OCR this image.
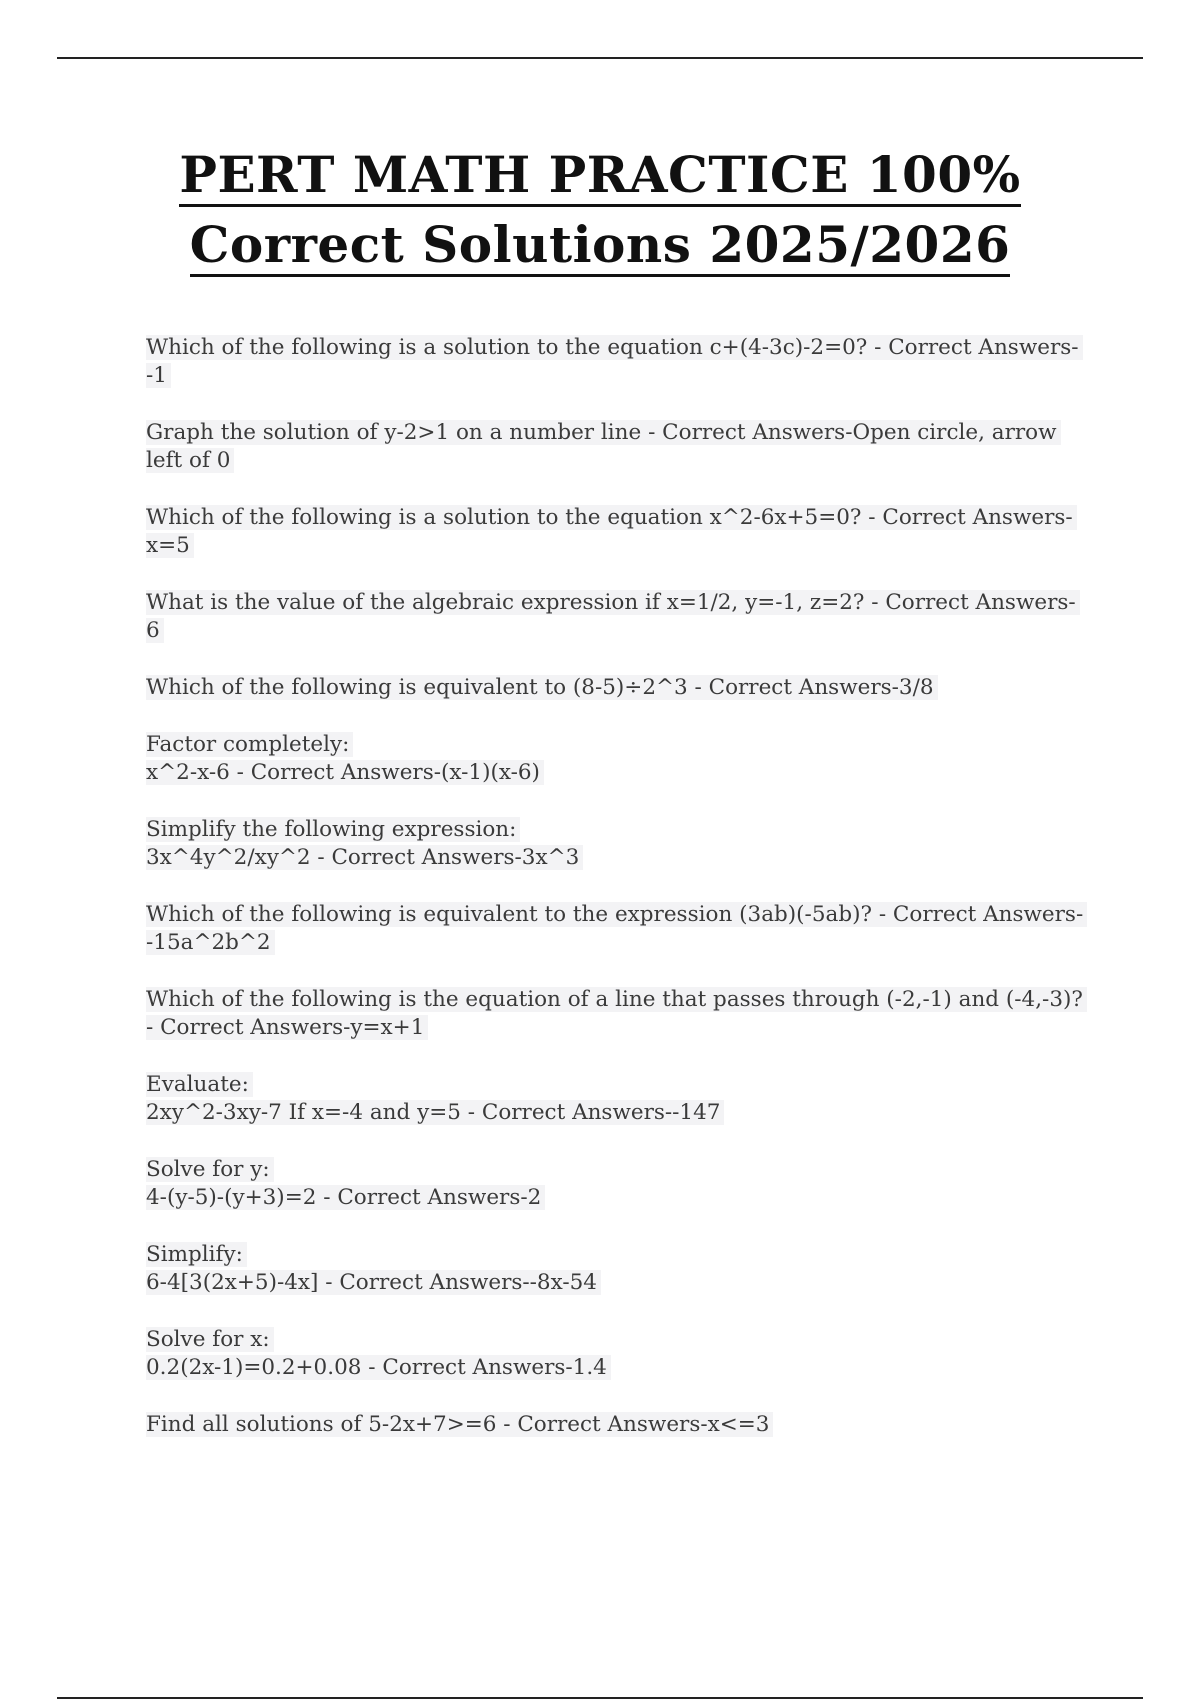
PERT MATH PRACTICE 100%
Correct Solutions 2025/2026

Which of the following is a solution to the equation c+(4-3c)-2=0? - Correct Answers--1

Graph the solution of y-2>1 on a number line - Correct Answers-Open circle, arrow left of 0

Which of the following is a solution to the equation x^2-6x+5=0? - Correct Answers-x=5

What is the value of the algebraic expression if x=1/2, y=-1, z=2? - Correct Answers-6

Which of the following is equivalent to (8-5)÷2^3 - Correct Answers-3/8

Factor completely:
x^2-x-6 - Correct Answers-(x-1)(x-6)

Simplify the following expression:
3x^4y^2/xy^2 - Correct Answers-3x^3

Which of the following is equivalent to the expression (3ab)(-5ab)? - Correct Answers--15a^2b^2

Which of the following is the equation of a line that passes through (-2,-1) and (-4,-3)? - Correct Answers-y=x+1

Evaluate:
2xy^2-3xy-7 If x=-4 and y=5 - Correct Answers--147

Solve for y:
4-(y-5)-(y+3)=2 - Correct Answers-2

Simplify:
6-4[3(2x+5)-4x] - Correct Answers--8x-54

Solve for x:
0.2(2x-1)=0.2+0.08 - Correct Answers-1.4

Find all solutions of 5-2x+7>=6 - Correct Answers-x<=3
